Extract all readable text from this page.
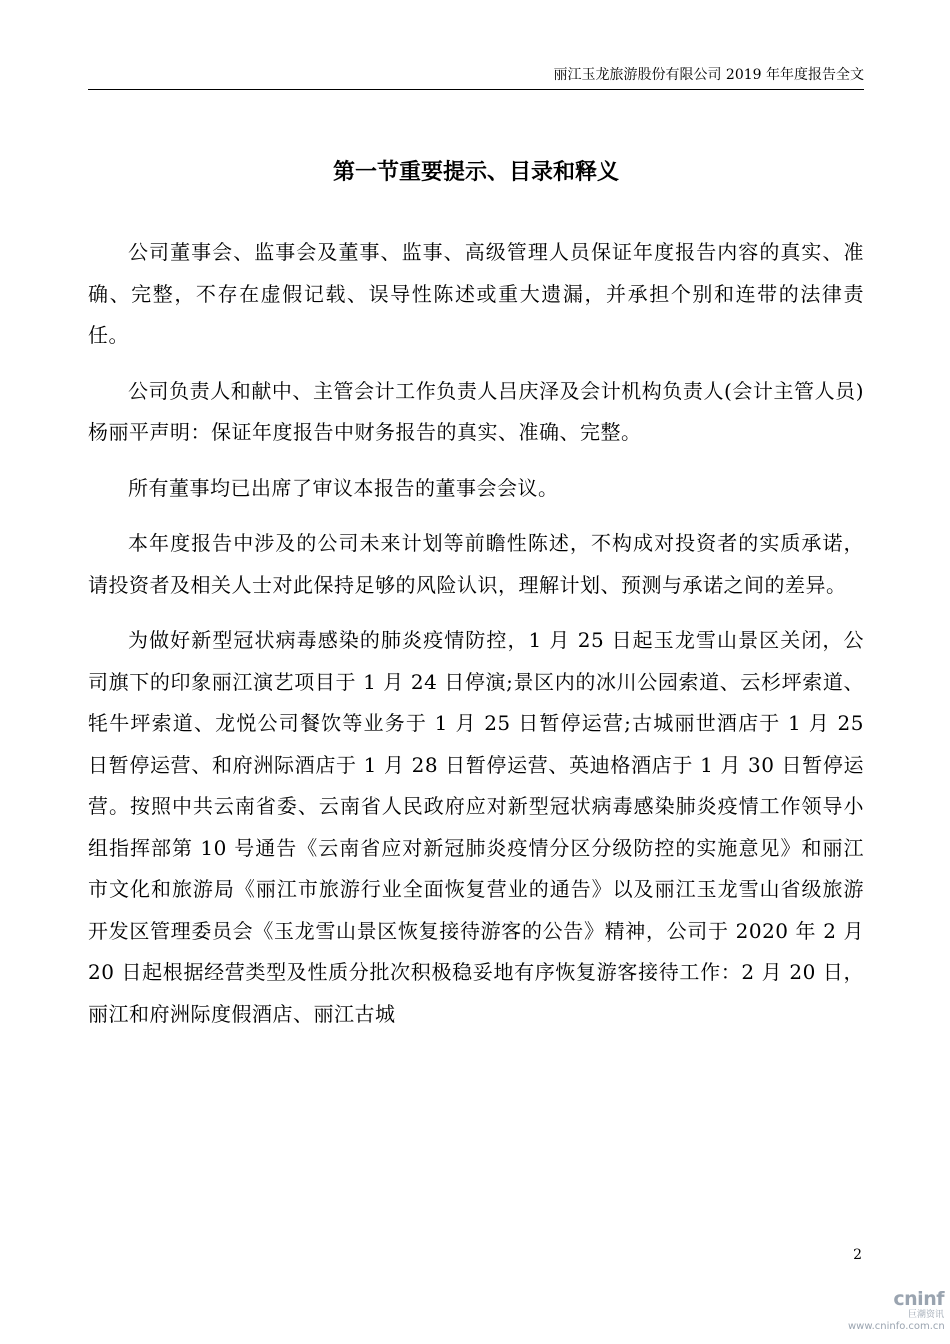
丽江玉龙旅游股份有限公司 2019 年年度报告全文
第一节重要提示、目录和释义

公司董事会、监事会及董事、监事、高级管理人员保证年度报告内容的真实、准确、完整，不存在虚假记载、误导性陈述或重大遗漏，并承担个别和连带的法律责任。

公司负责人和献中、主管会计工作负责人吕庆泽及会计机构负责人(会计主管人员)杨丽平声明：保证年度报告中财务报告的真实、准确、完整。

所有董事均已出席了审议本报告的董事会会议。

本年度报告中涉及的公司未来计划等前瞻性陈述，不构成对投资者的实质承诺，请投资者及相关人士对此保持足够的风险认识，理解计划、预测与承诺之间的差异。

为做好新型冠状病毒感染的肺炎疫情防控，1 月 25 日起玉龙雪山景区关闭，公司旗下的印象丽江演艺项目于 1 月 24 日停演;景区内的冰川公园索道、云杉坪索道、牦牛坪索道、龙悦公司餐饮等业务于 1 月 25 日暂停运营;古城丽世酒店于 1 月 25 日暂停运营、和府洲际酒店于 1 月 28 日暂停运营、英迪格酒店于 1 月 30 日暂停运营。按照中共云南省委、云南省人民政府应对新型冠状病毒感染肺炎疫情工作领导小组指挥部第 10 号通告《云南省应对新冠肺炎疫情分区分级防控的实施意见》和丽江市文化和旅游局《丽江市旅游行业全面恢复营业的通告》以及丽江玉龙雪山省级旅游开发区管理委员会《玉龙雪山景区恢复接待游客的公告》精神，公司于 2020 年 2 月 20 日起根据经营类型及性质分批次积极稳妥地有序恢复游客接待工作：2 月 20 日，丽江和府洲际度假酒店、丽江古城

2
cninf
巨潮资讯
www.cninfo.com.cn
